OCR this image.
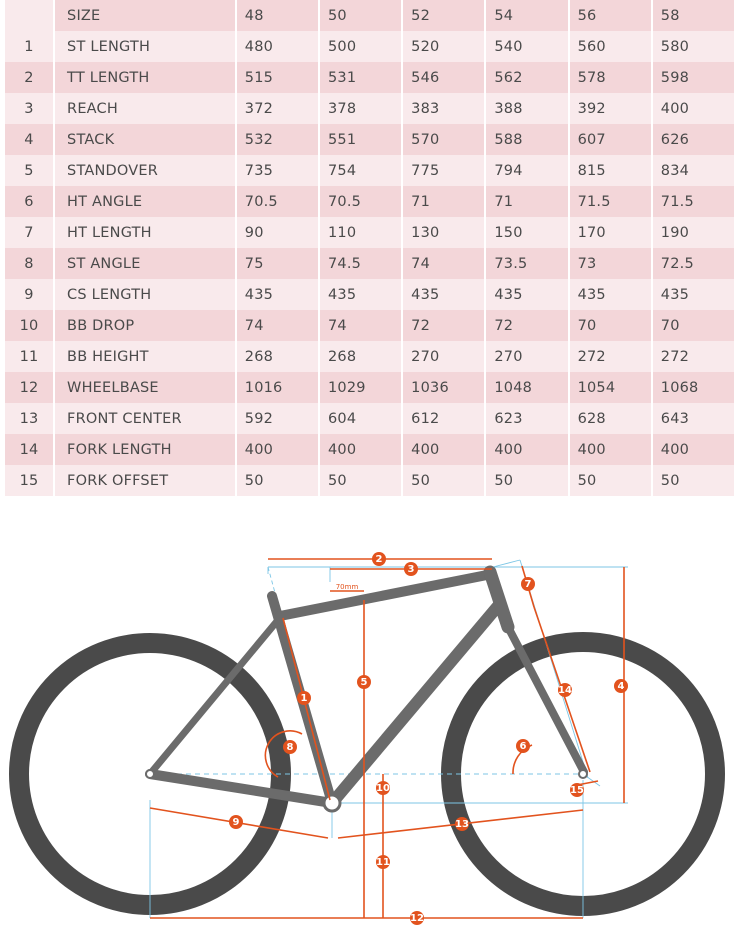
	SIZE	48	50	52	54	56	58
1	ST LENGTH	480	500	520	540	560	580
2	TT LENGTH	515	531	546	562	578	598
3	REACH	372	378	383	388	392	400
4	STACK	532	551	570	588	607	626
5	STANDOVER	735	754	775	794	815	834
6	HT ANGLE	70.5	70.5	71	71	71.5	71.5
7	HT LENGTH	90	110	130	150	170	190
8	ST ANGLE	75	74.5	74	73.5	73	72.5
9	CS LENGTH	435	435	435	435	435	435
10	BB DROP	74	74	72	72	70	70
11	BB HEIGHT	268	268	270	270	272	272
12	WHEELBASE	1016	1029	1036	1048	1054	1068
13	FRONT CENTER	592	604	612	623	628	643
14	FORK LENGTH	400	400	400	400	400	400
15	FORK OFFSET	50	50	50	50	50	50
70mm
1
2
3
4
5
6
7
8
9
10
11
12
13
14
15
